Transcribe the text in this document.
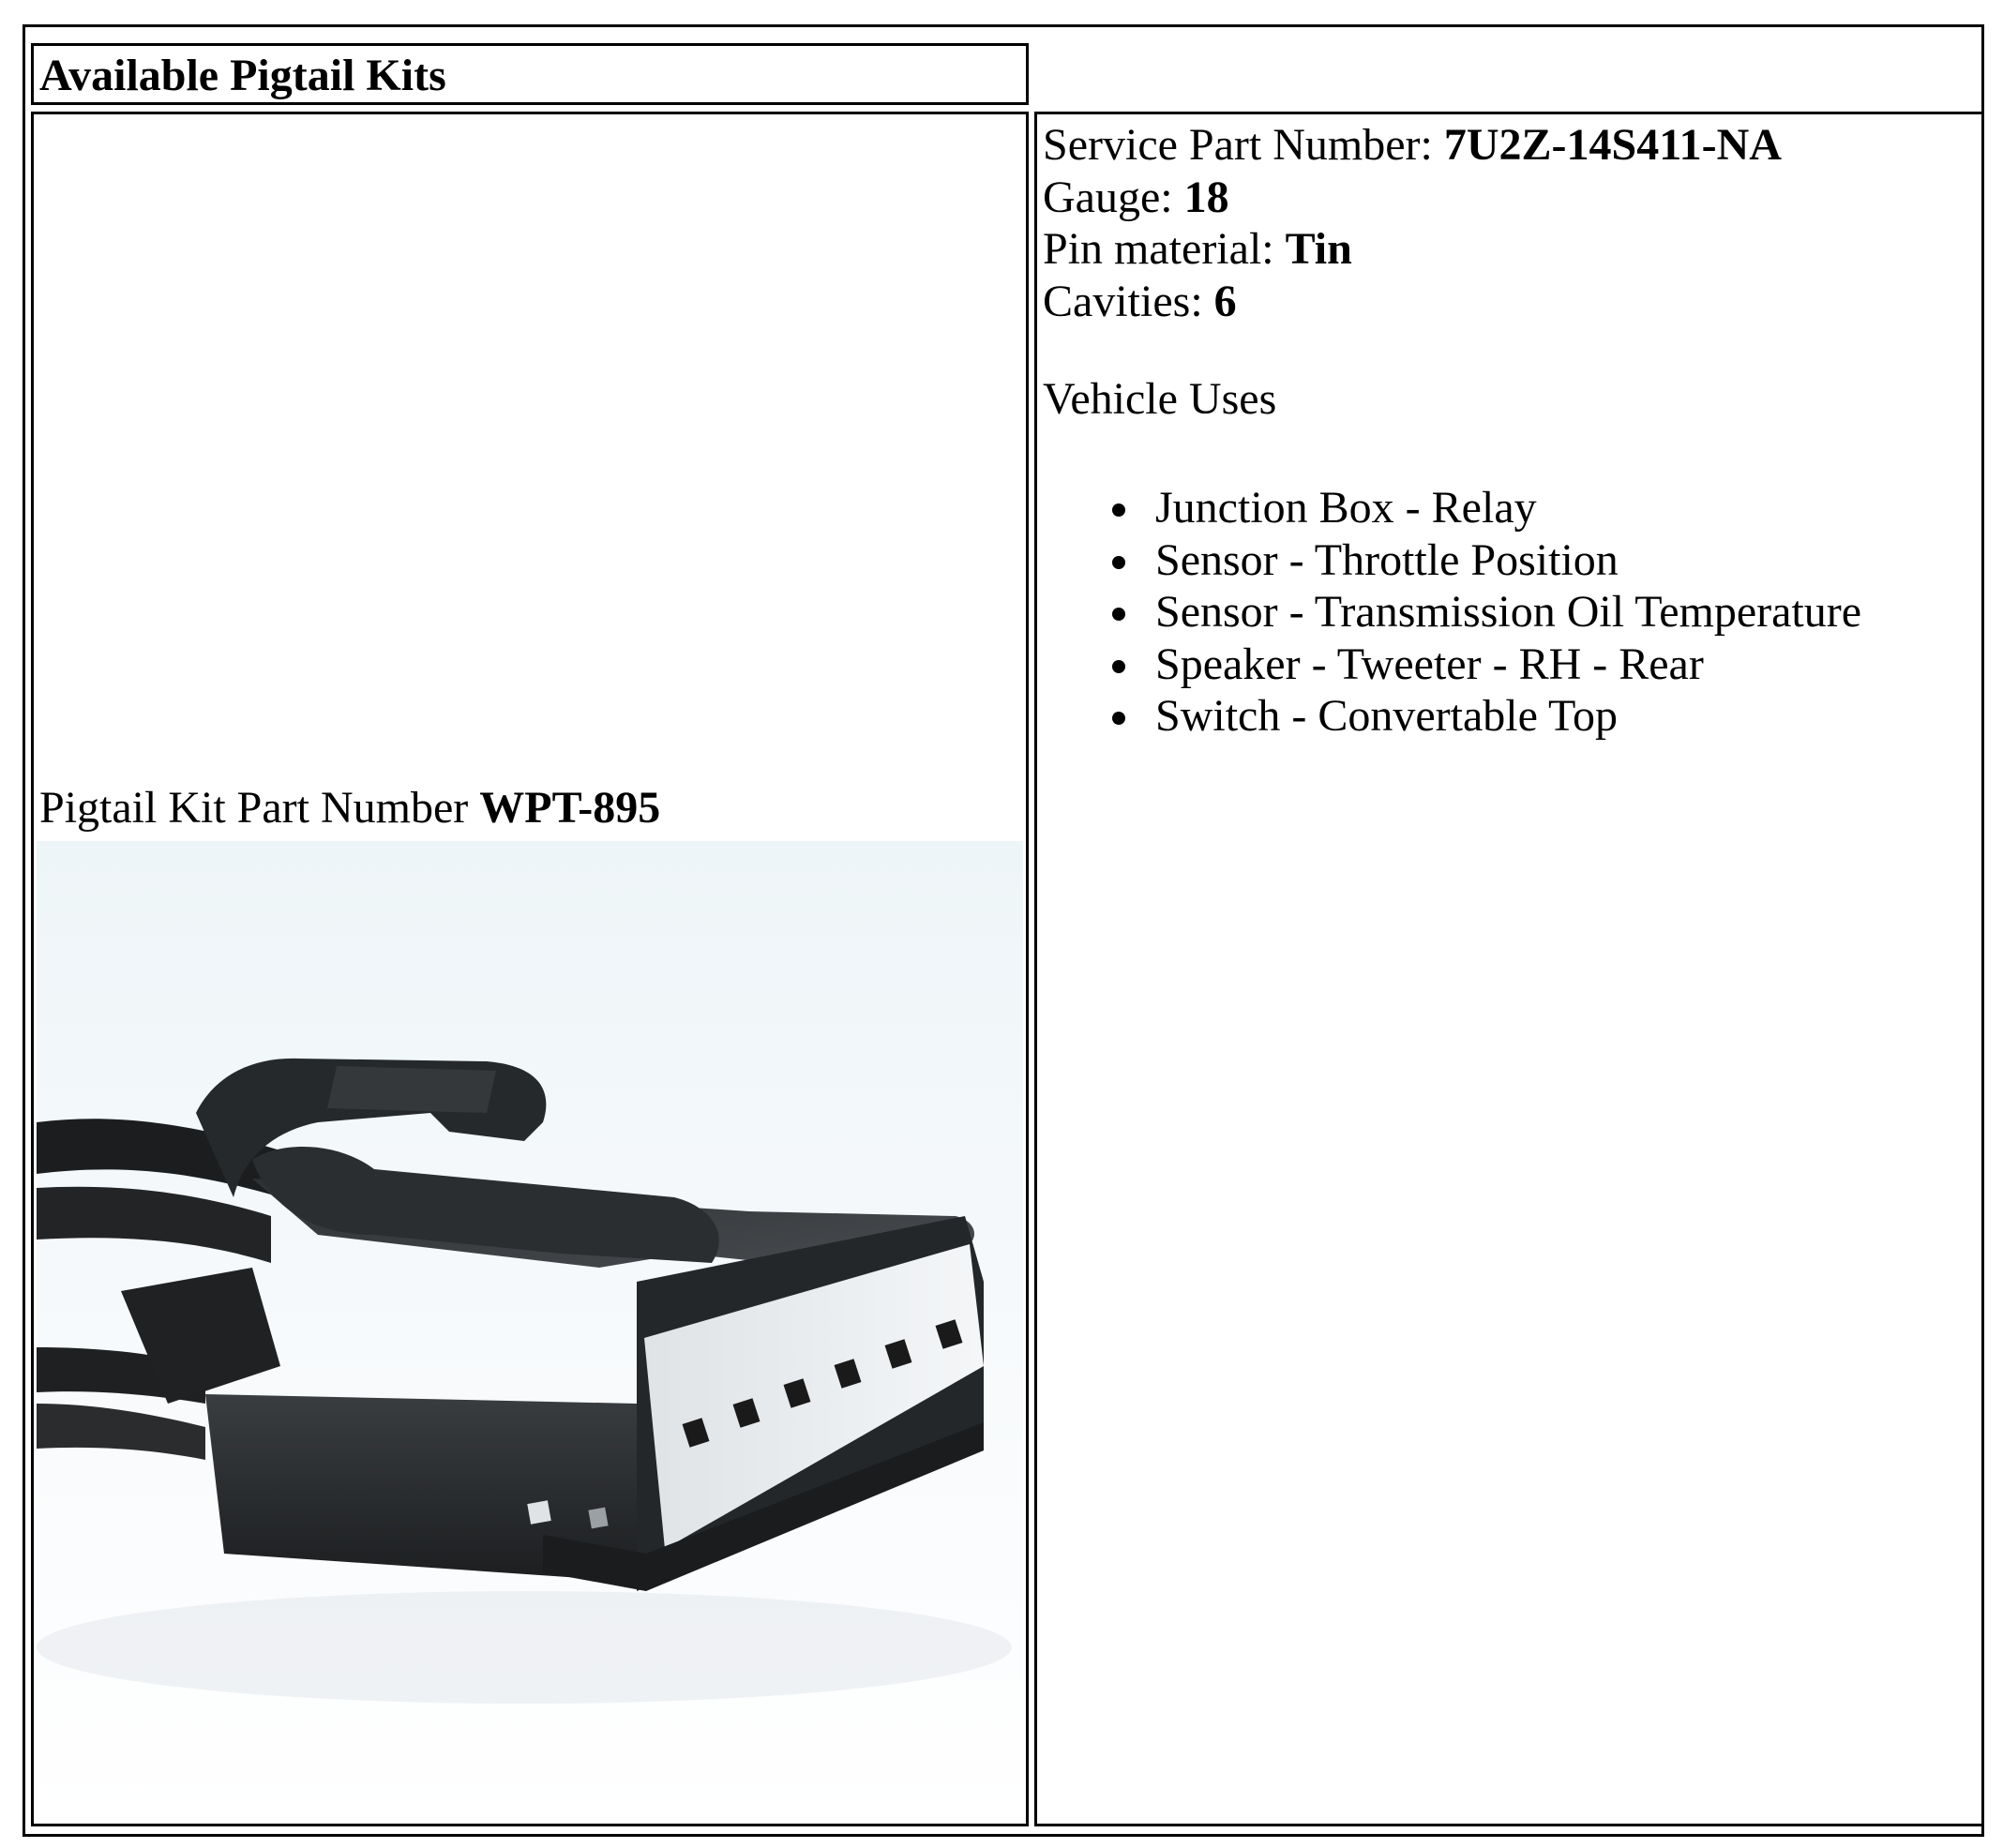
Available Pigtail Kits
Pigtail Kit Part Number WPT-895
Service Part Number: 7U2Z-14S411-NA
Gauge: 18
Pin material: Tin
Cavities: 6
Vehicle Uses
Junction Box - Relay
Sensor - Throttle Position
Sensor - Transmission Oil Temperature
Speaker - Tweeter - RH - Rear
Switch - Convertable Top
